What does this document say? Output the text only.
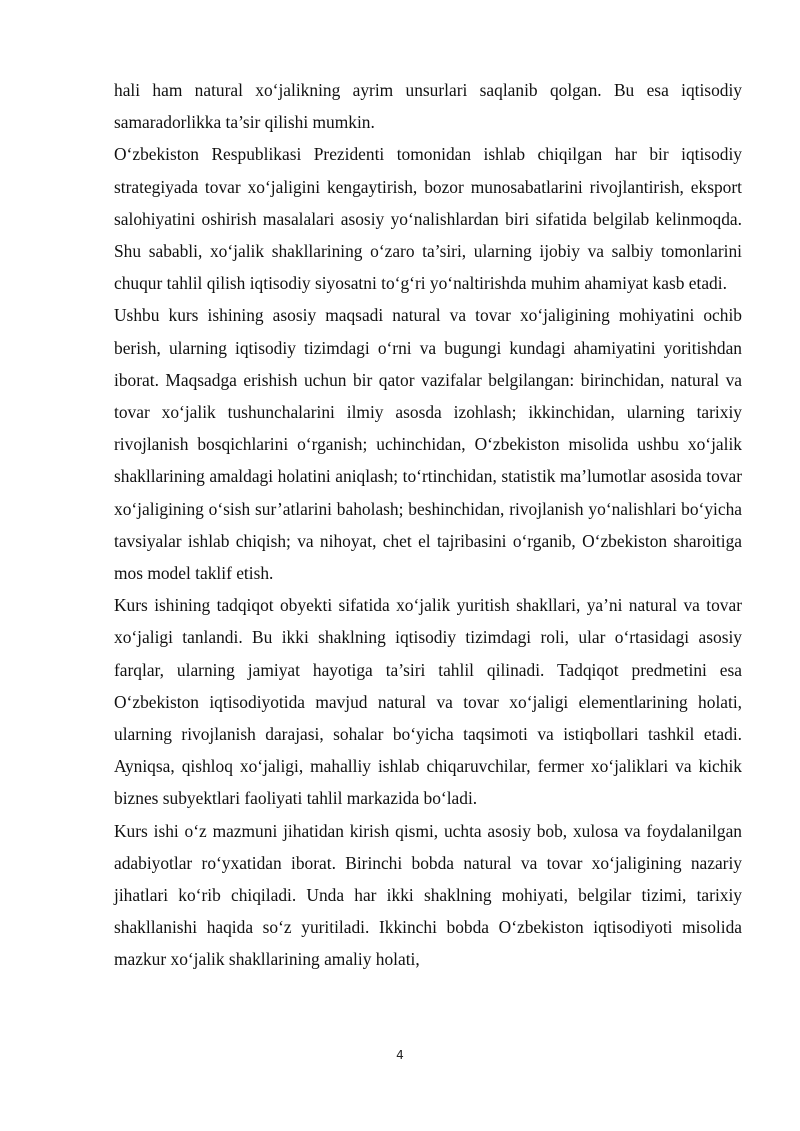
hali ham natural xo‘jalikning ayrim unsurlari saqlanib qolgan. Bu esa iqtisodiy samaradorlikka ta’sir qilishi mumkin.

O‘zbekiston Respublikasi Prezidenti tomonidan ishlab chiqilgan har bir iqtisodiy strategiyada tovar xo‘jaligini kengaytirish, bozor munosabatlarini rivojlantirish, eksport salohiyatini oshirish masalalari asosiy yo‘nalishlardan biri sifatida belgilab kelinmoqda. Shu sababli, xo‘jalik shakllarining o‘zaro ta’siri, ularning ijobiy va salbiy tomonlarini chuqur tahlil qilish iqtisodiy siyosatni to‘g‘ri yo‘naltirishda muhim ahamiyat kasb etadi.

Ushbu kurs ishining asosiy maqsadi natural va tovar xo‘jaligining mohiyatini ochib berish, ularning iqtisodiy tizimdagi o‘rni va bugungi kundagi ahamiyatini yoritishdan iborat. Maqsadga erishish uchun bir qator vazifalar belgilangan: birinchidan, natural va tovar xo‘jalik tushunchalarini ilmiy asosda izohlash; ikkinchidan, ularning tarixiy rivojlanish bosqichlarini o‘rganish; uchinchidan, O‘zbekiston misolida ushbu xo‘jalik shakllarining amaldagi holatini aniqlash; to‘rtinchidan, statistik ma’lumotlar asosida tovar xo‘jaligining o‘sish sur’atlarini baholash; beshinchidan, rivojlanish yo‘nalishlari bo‘yicha tavsiyalar ishlab chiqish; va nihoyat, chet el tajribasini o‘rganib, O‘zbekiston sharoitiga mos model taklif etish.

Kurs ishining tadqiqot obyekti sifatida xo‘jalik yuritish shakllari, ya’ni natural va tovar xo‘jaligi tanlandi. Bu ikki shaklning iqtisodiy tizimdagi roli, ular o‘rtasidagi asosiy farqlar, ularning jamiyat hayotiga ta’siri tahlil qilinadi. Tadqiqot predmetini esa O‘zbekiston iqtisodiyotida mavjud natural va tovar xo‘jaligi elementlarining holati, ularning rivojlanish darajasi, sohalar bo‘yicha taqsimoti va istiqbollari tashkil etadi. Ayniqsa, qishloq xo‘jaligi, mahalliy ishlab chiqaruvchilar, fermer xo‘jaliklari va kichik biznes subyektlari faoliyati tahlil markazida bo‘ladi.

Kurs ishi o‘z mazmuni jihatidan kirish qismi, uchta asosiy bob, xulosa va foydalanilgan adabiyotlar ro‘yxatidan iborat. Birinchi bobda natural va tovar xo‘jaligining nazariy jihatlari ko‘rib chiqiladi. Unda har ikki shaklning mohiyati, belgilar tizimi, tarixiy shakllanishi haqida so‘z yuritiladi. Ikkinchi bobda O‘zbekiston iqtisodiyoti misolida mazkur xo‘jalik shakllarining amaliy holati,

4
